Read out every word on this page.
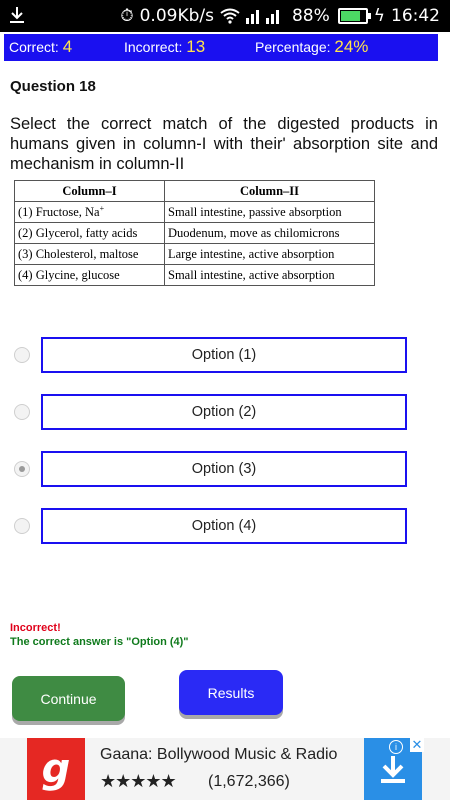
⏱ 0.09Kb/s	88%	ϟ 16:42
Correct: 4	Incorrect: 13	Percentage: 24%
Question 18
Select the correct match of the digested products in humans given in column-I with their' absorption site and mechanism in column-II
Column–I	Column–II
(1) Fructose, Na+	Small intestine, passive absorption
(2) Glycerol, fatty acids	Duodenum, move as chilomicrons
(3) Cholesterol, maltose	Large intestine, active absorption
(4) Glycine, glucose	Small intestine, active absorption
Option (1)
Option (2)
Option (3)
Option (4)
Incorrect!
The correct answer is "Option (4)"
Continue	Results
g	Gaana: Bollywood Music & Radio
★★★★★ (1,672,366)
i	✕
